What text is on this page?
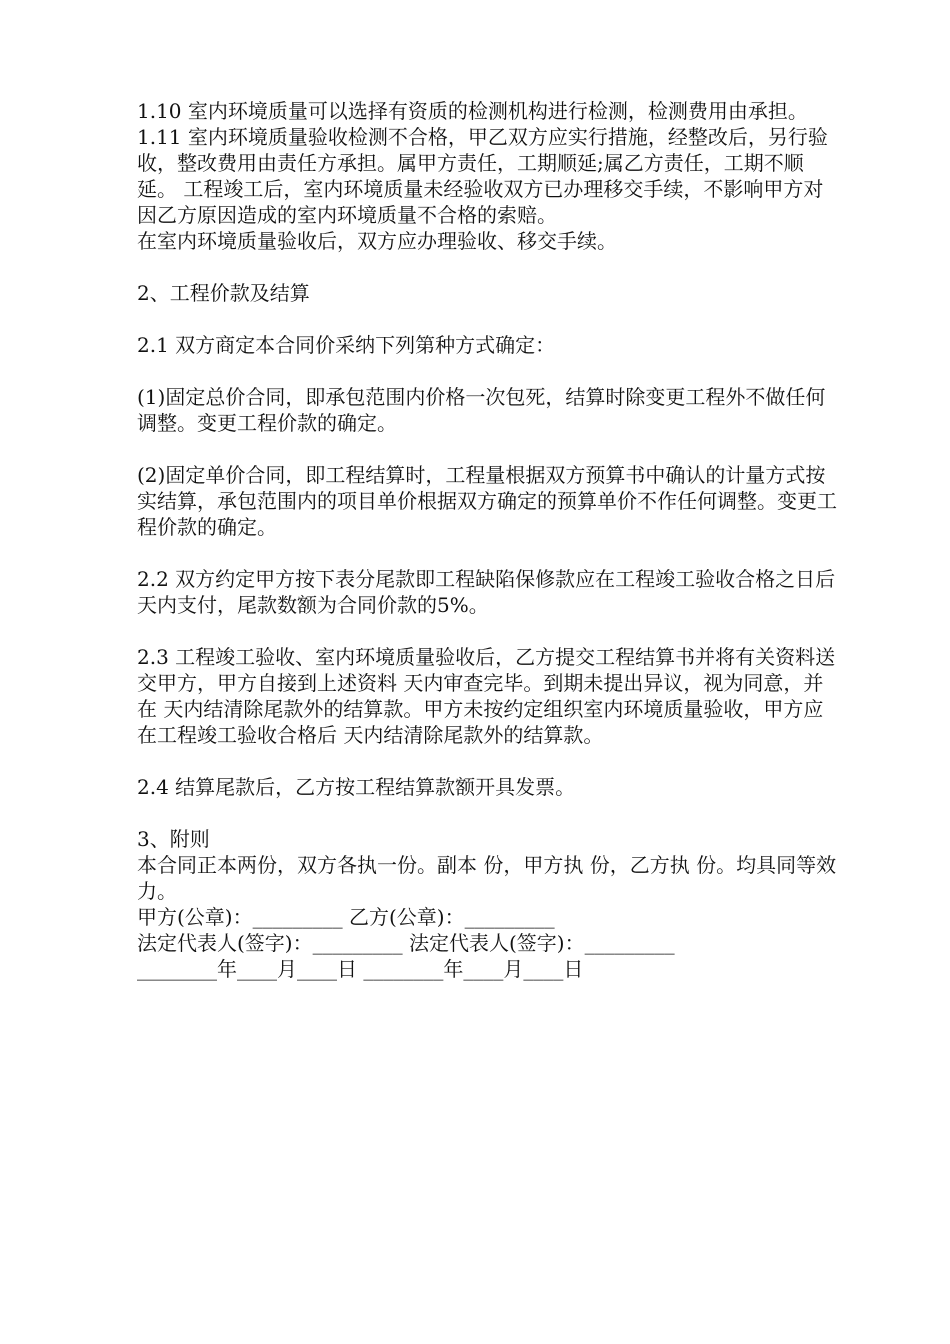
1.10 室内环境质量可以选择有资质的检测机构进行检测，检测费用由承担。

1.11 室内环境质量验收检测不合格，甲乙双方应实行措施，经整改后，另行验收，整改费用由责任方承担。属甲方责任，工期顺延;属乙方责任，工期不顺延。 工程竣工后，室内环境质量未经验收双方已办理移交手续，不影响甲方对因乙方原因造成的室内环境质量不合格的索赔。

在室内环境质量验收后，双方应办理验收、移交手续。

2、工程价款及结算

2.1 双方商定本合同价采纳下列第种方式确定：

(1)固定总价合同，即承包范围内价格一次包死，结算时除变更工程外不做任何调整。变更工程价款的确定。

(2)固定单价合同，即工程结算时，工程量根据双方预算书中确认的计量方式按实结算，承包范围内的项目单价根据双方确定的预算单价不作任何调整。变更工程价款的确定。

2.2 双方约定甲方按下表分尾款即工程缺陷保修款应在工程竣工验收合格之日后 天内支付，尾款数额为合同价款的5%。

2.3 工程竣工验收、室内环境质量验收后，乙方提交工程结算书并将有关资料送交甲方，甲方自接到上述资料 天内审查完毕。到期未提出异议，视为同意，并在 天内结清除尾款外的结算款。甲方未按约定组织室内环境质量验收，甲方应在工程竣工验收合格后 天内结清除尾款外的结算款。

2.4 结算尾款后，乙方按工程结算款额开具发票。

3、附则

本合同正本两份，双方各执一份。副本 份，甲方执 份，乙方执 份。均具同等效力。

甲方(公章)：_________ 乙方(公章)：_________

法定代表人(签字)：_________ 法定代表人(签字)：_________

________年____月____日 ________年____月____日
